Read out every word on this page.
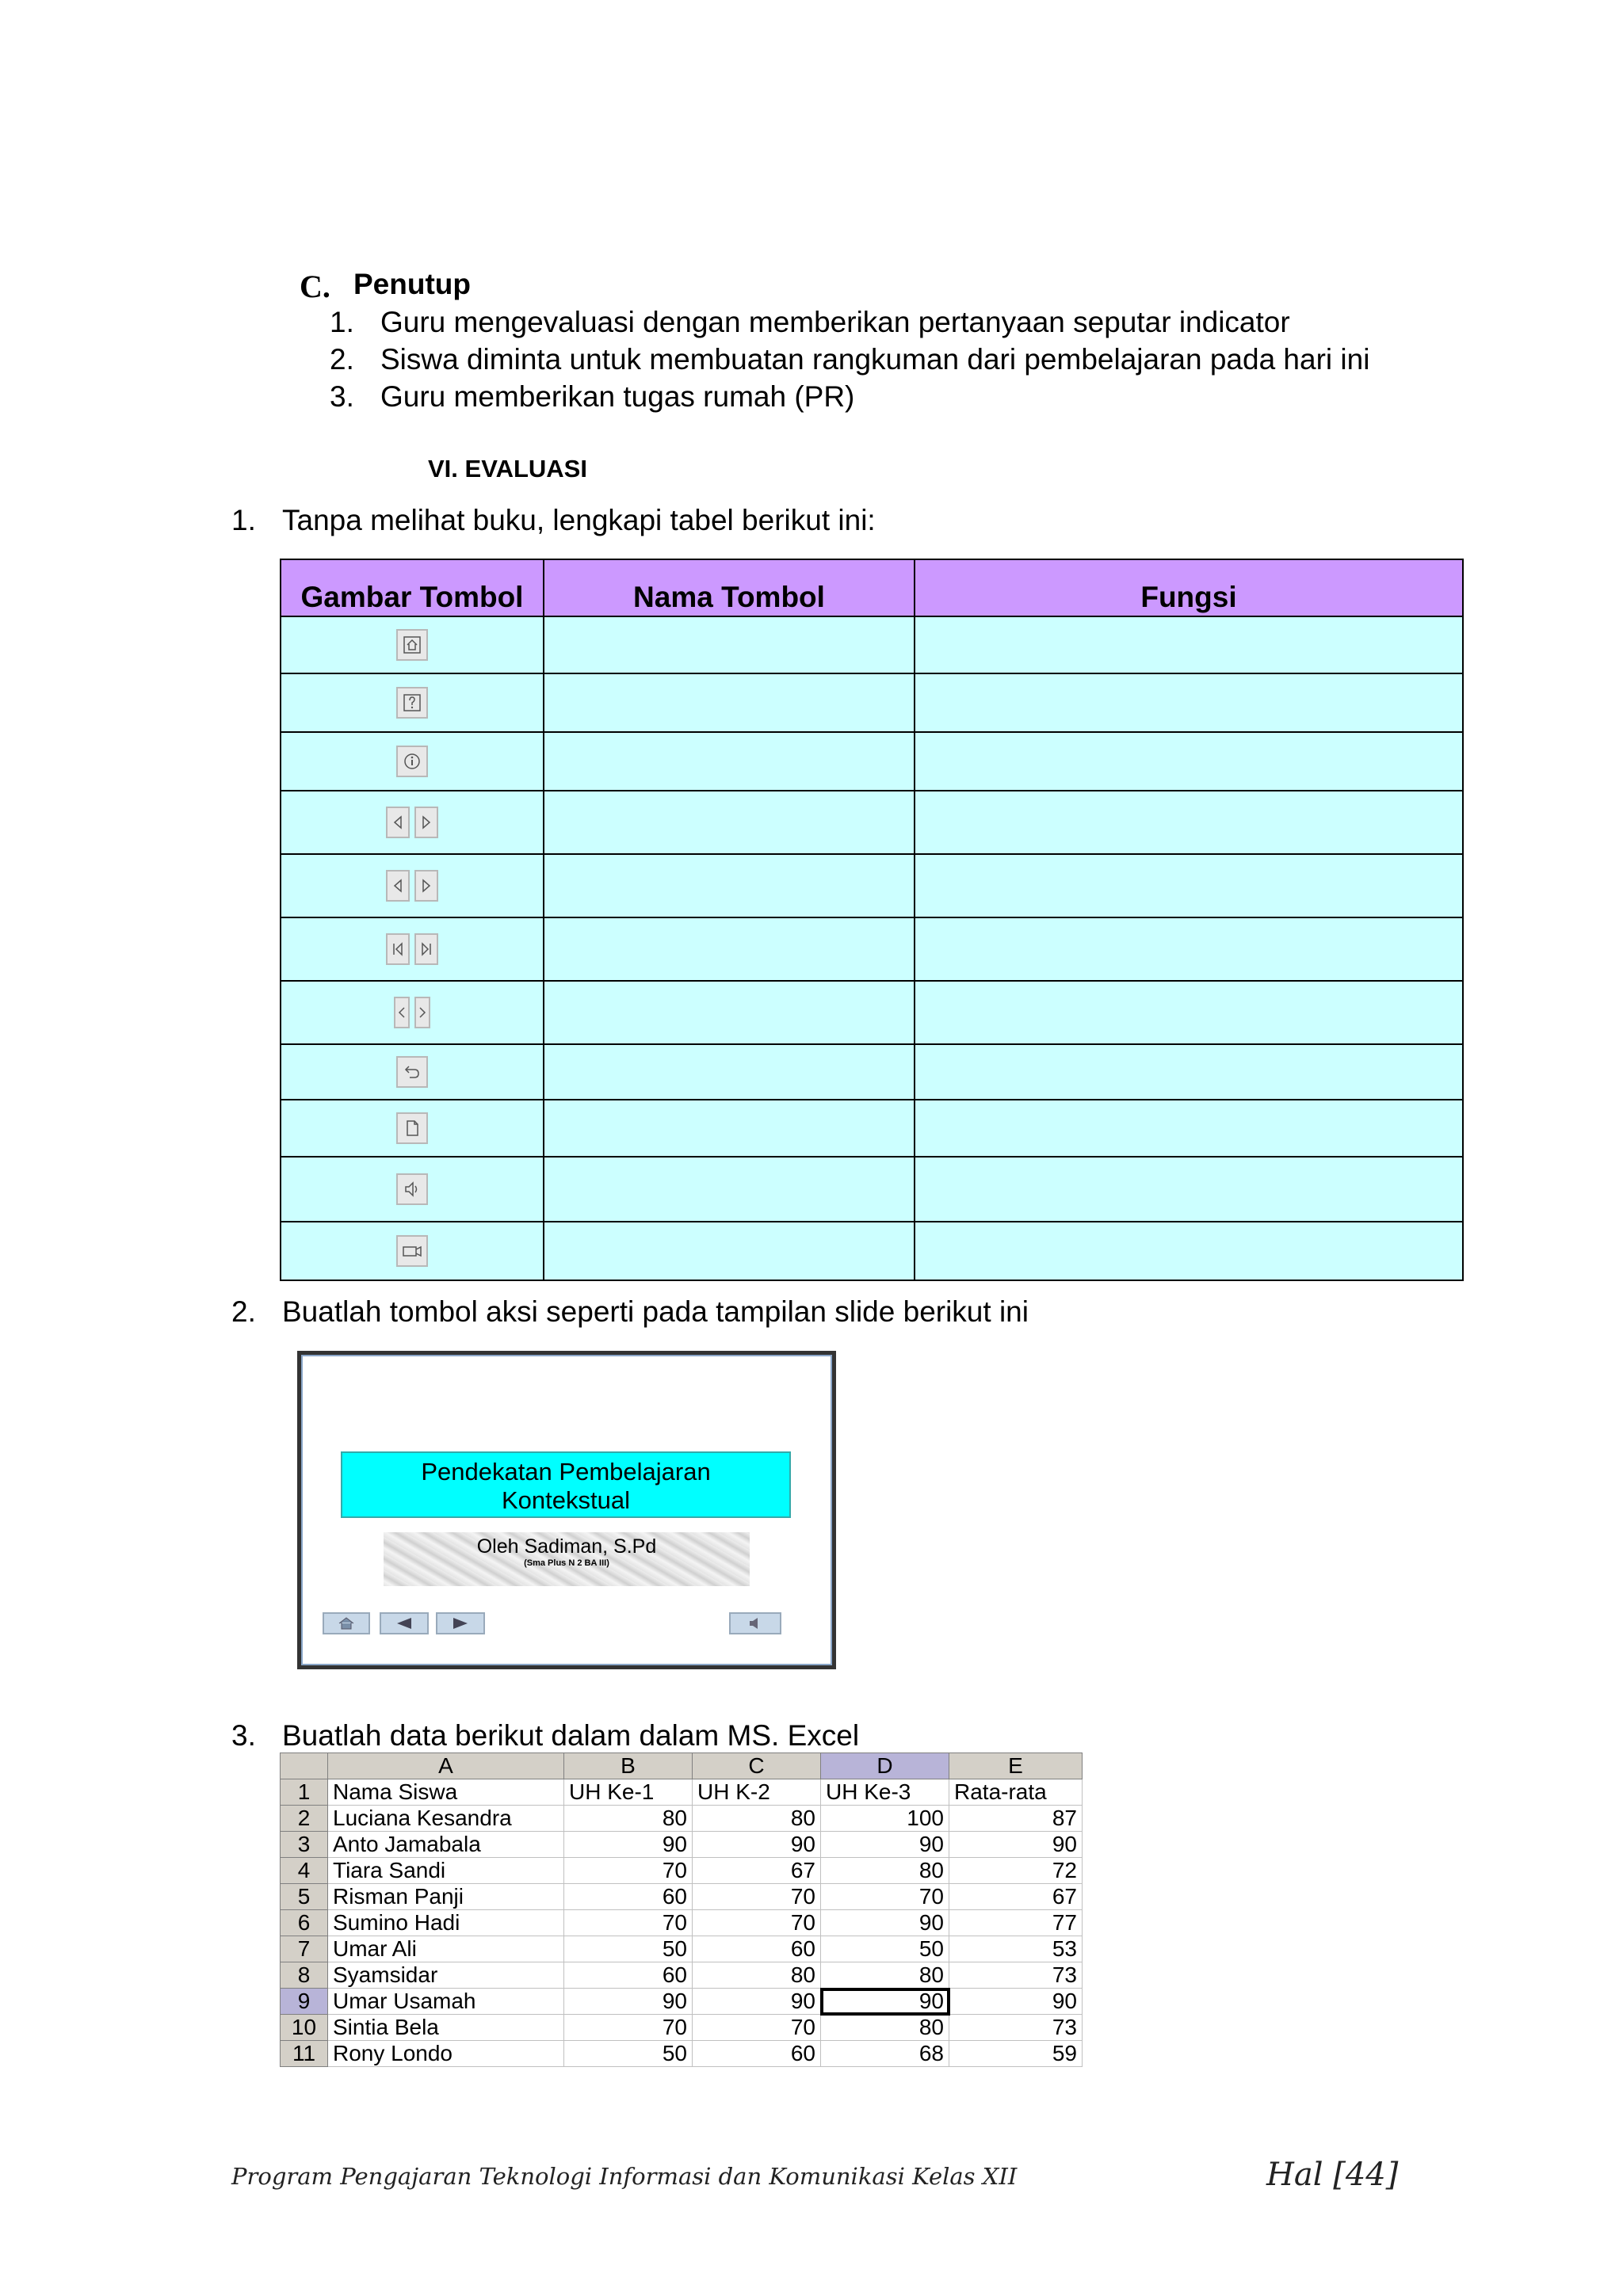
C. Penutup
1. Guru mengevaluasi dengan memberikan pertanyaan seputar indicator
2. Siswa diminta untuk membuatan rangkuman dari pembelajaran pada hari ini
3. Guru memberikan tugas rumah (PR)
VI. EVALUASI
1. Tanpa melihat buku, lengkapi tabel berikut ini:
Gambar Tombol	Nama Tombol	Fungsi

2. Buatlah tombol aksi seperti pada tampilan slide berikut ini
Pendekatan Pembelajaran
Kontekstual
Oleh Sadiman, S.Pd
(Sma Plus N 2 BA III)
3. Buatlah data berikut dalam dalam MS. Excel
	A	B	C	D	E
1	Nama Siswa	UH Ke-1	UH K-2	UH Ke-3	Rata-rata
2	Luciana Kesandra	80	80	100	87
3	Anto Jamabala	90	90	90	90
4	Tiara Sandi	70	67	80	72
5	Risman Panji	60	70	70	67
6	Sumino Hadi	70	70	90	77
7	Umar Ali	50	60	50	53
8	Syamsidar	60	80	80	73
9	Umar Usamah	90	90	90	90
10	Sintia Bela	70	70	80	73
11	Rony Londo	50	60	68	59
Program Pengajaran Teknologi Informasi dan Komunikasi Kelas XII	Hal [44]
